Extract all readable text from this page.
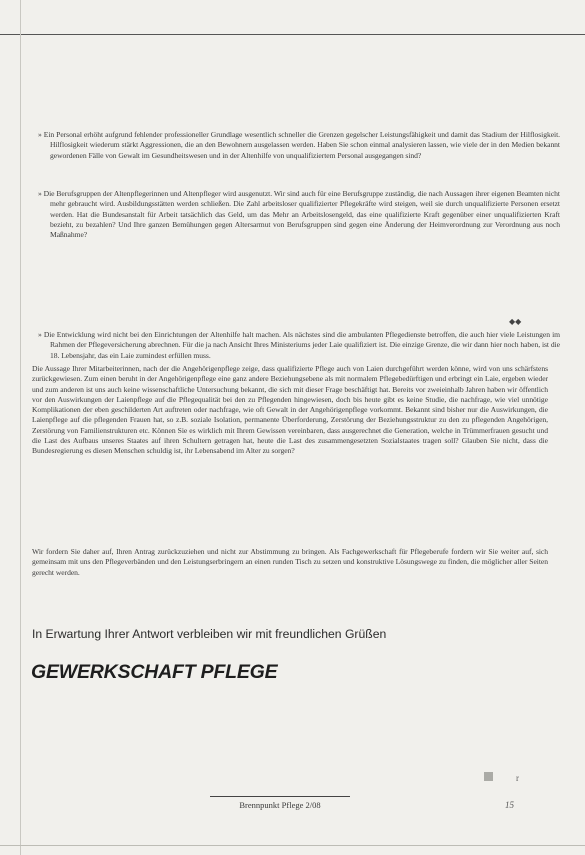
» Ein Personal erhöht aufgrund fehlender professioneller Grundlage wesentlich schneller die Grenzen gegelscher Leistungsfähigkeit und damit das Stadium der Hilflosigkeit. Hilflosigkeit wiederum stärkt Aggressionen, die an den Bewohnern ausgelassen werden. Haben Sie schon einmal analysieren lassen, wie viele der in den Medien bekannt gewordenen Fälle von Gewalt im Gesundheitswesen und in der Altenhilfe von unqualifiziertem Personal ausgegangen sind?

» Die Berufsgruppen der Altenpflegerinnen und Altenpfleger wird ausgenutzt. Wir sind auch für eine Berufsgruppe zuständig, die nach Aussagen ihrer eigenen Beamten nicht mehr gebraucht wird. Ausbildungsstätten werden schließen. Die Zahl arbeitsloser qualifizierter Pflegekräfte wird steigen, weil sie durch unqualifizierte Personen ersetzt werden. Hat die Bundesanstalt für Arbeit tatsächlich das Geld, um das Mehr an Arbeitslosengeld, das eine qualifizierte Kraft gegenüber einer unqualifizierten Kraft bezieht, zu bezahlen? Und Ihre ganzen Bemühungen gegen Altersarmut von Berufsgruppen sind gegen eine Änderung der Heimverordnung zur Verordnung aus noch Maßnahme?

◆◆

» Die Entwicklung wird nicht bei den Einrichtungen der Altenhilfe halt machen. Als nächstes sind die ambulanten Pflegedienste betroffen, die auch hier viele Leistungen im Rahmen der Pflegeversicherung abrechnen. Für die ja nach Ansicht Ihres Ministeriums jeder Laie qualifiziert ist. Die einzige Grenze, die wir dann hier noch haben, ist die 18. Lebensjahr, das ein Laie zumindest erfüllen muss.

Die Aussage Ihrer Mitarbeiterinnen, nach der die Angehörigenpflege zeige, dass qualifizierte Pflege auch von Laien durchgeführt werden könne, wird von uns schärfstens zurückgewiesen. Zum einen beruht in der Angehörigenpflege eine ganz andere Beziehungsebene als mit normalem Pflegebedürftigen und erbringt ein Laie, ergeben wieder und zum anderen ist uns auch keine wissenschaftliche Untersuchung bekannt, die sich mit dieser Frage beschäftigt hat. Bereits vor zweieinhalb Jahren haben wir öffentlich vor den Auswirkungen der Laienpflege auf die Pflegequalität bei den zu Pflegenden hingewiesen, doch bis heute gibt es keine Studie, die nachfrage, wie viel unnötige Komplikationen der eben geschilderten Art auftreten oder nachfrage, wie oft Gewalt in der Angehörigenpflege vorkommt. Bekannt sind bisher nur die Auswirkungen, die Laienpflege auf die pflegenden Frauen hat, so z.B. soziale Isolation, permanente Überforderung, Zerstörung der Beziehungsstruktur zu den zu pflegenden Angehörigen, Zerstörung von Familienstrukturen etc. Können Sie es wirklich mit Ihrem Gewissen vereinbaren, dass ausgerechnet die Generation, welche in Trümmerfrauen gesucht und die Last des Aufbaus unseres Staates auf ihren Schultern getragen hat, heute die Last des zusammengesetzten Sozialstaates tragen soll? Glauben Sie nicht, dass die Bundesregierung es diesen Menschen schuldig ist, ihr Lebensabend im Alter zu sorgen?

Wir fordern Sie daher auf, Ihren Antrag zurückzuziehen und nicht zur Abstimmung zu bringen. Als Fachgewerkschaft für Pflegeberufe fordern wir Sie weiter auf, sich gemeinsam mit uns den Pflegeverbänden und den Leistungserbringern an einen runden Tisch zu setzen und konstruktive Lösungswege zu finden, die möglicher aller Seiten gerecht werden.

In Erwartung Ihrer Antwort verbleiben wir mit freundlichen Grüßen
GEWERKSCHAFT PFLEGE
r
Brennpunkt Pflege 2/08	15
